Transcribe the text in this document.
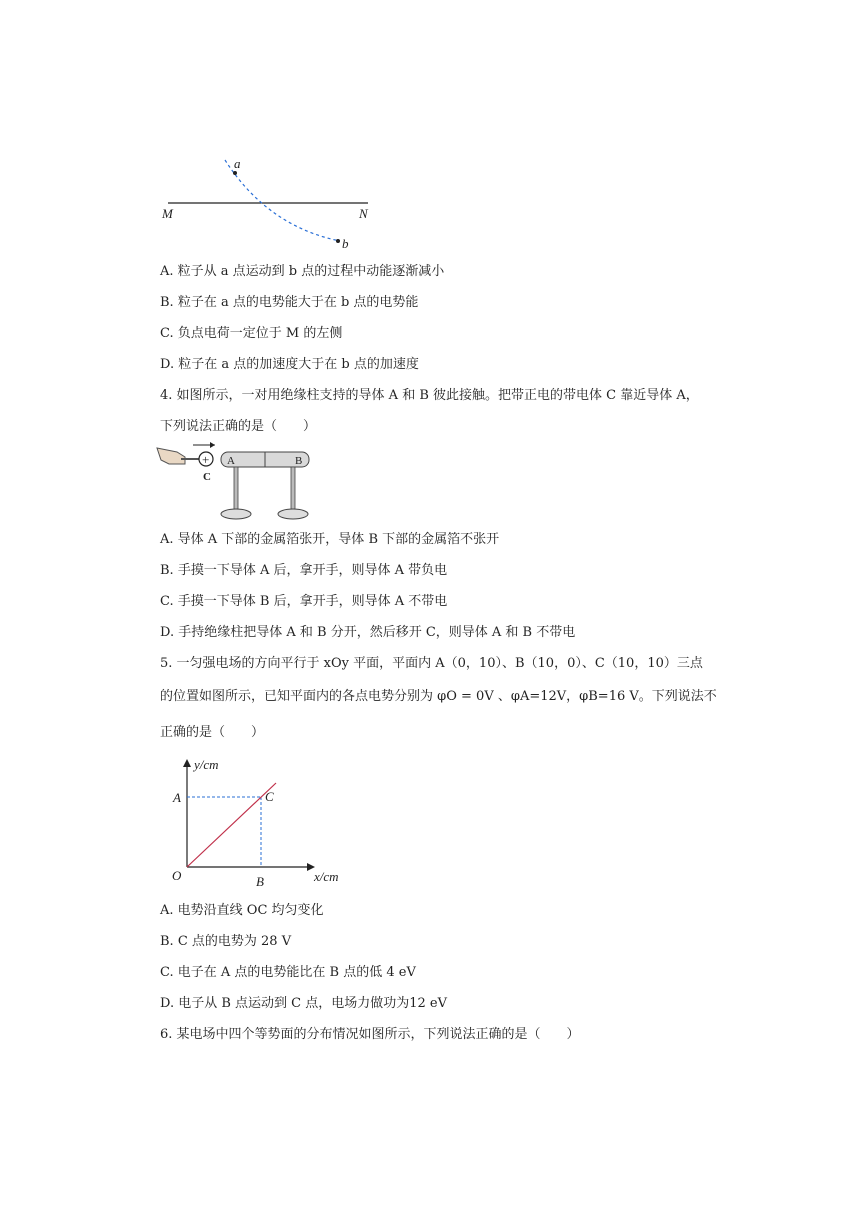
a
b
M	N
A. 粒子从 a 点运动到 b 点的过程中动能逐渐减小
B. 粒子在 a 点的电势能大于在 b 点的电势能
C. 负点电荷一定位于 M 的左侧
D. 粒子在 a 点的加速度大于在 b 点的加速度
4. 如图所示，一对用绝缘柱支持的导体 A 和 B 彼此接触。把带正电的带电体 C 靠近导体 A，
下列说法正确的是（　　）
+
C
A	B
A. 导体 A 下部的金属箔张开，导体 B 下部的金属箔不张开
B. 手摸一下导体 A 后，拿开手，则导体 A 带负电
C. 手摸一下导体 B 后，拿开手，则导体 A 不带电
D. 手持绝缘柱把导体 A 和 B 分开，然后移开 C，则导体 A 和 B 不带电
5. 一匀强电场的方向平行于 xOy 平面，平面内 A（0，10）、B（10，0）、C（10，10）三点
的位置如图所示，已知平面内的各点电势分别为 φO = 0V 、φA=12V，φB=16 V。下列说法不
正确的是（　　）
y/cm
x/cm
O
A
B
C
A. 电势沿直线 OC 均匀变化
B. C 点的电势为 28 V
C. 电子在 A 点的电势能比在 B 点的低 4 eV
D. 电子从 B 点运动到 C 点，电场力做功为12 eV
6. 某电场中四个等势面的分布情况如图所示，下列说法正确的是（　　）
